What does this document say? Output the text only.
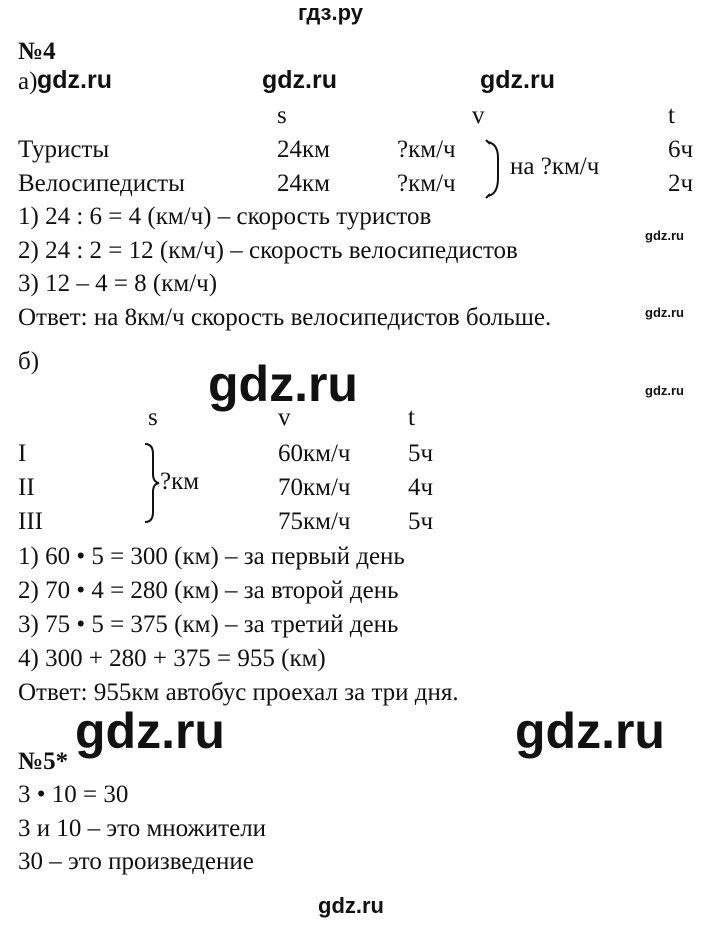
гдз.ру
№4
а) gdz.ru	gdz.ru	gdz.ru
s	v	t
Туристы	24км	?км/ч	6ч
Велосипедисты	24км	?км/ч	2ч
на ?км/ч
1) 24 : 6 = 4 (км/ч) – скорость туристов
2) 24 : 2 = 12 (км/ч) – скорость велосипедистов
3) 12 – 4 = 8 (км/ч)
Ответ: на 8км/ч скорость велосипедистов больше.
gdz.ru
gdz.ru
gdz.ru
б)	gdz.ru
s	v	t
I	60км/ч 5ч
II	70км/ч 4ч
III	75км/ч 5ч
?км
1) 60 • 5 = 300 (км) – за первый день
2) 70 • 4 = 280 (км) – за второй день
3) 75 • 5 = 375 (км) – за третий день
4) 300 + 280 + 375 = 955 (км)
Ответ: 955км автобус проехал за три дня.
gdz.ru	gdz.ru
№5*
3 • 10 = 30
3 и 10 – это множители
30 – это произведение
gdz.ru
